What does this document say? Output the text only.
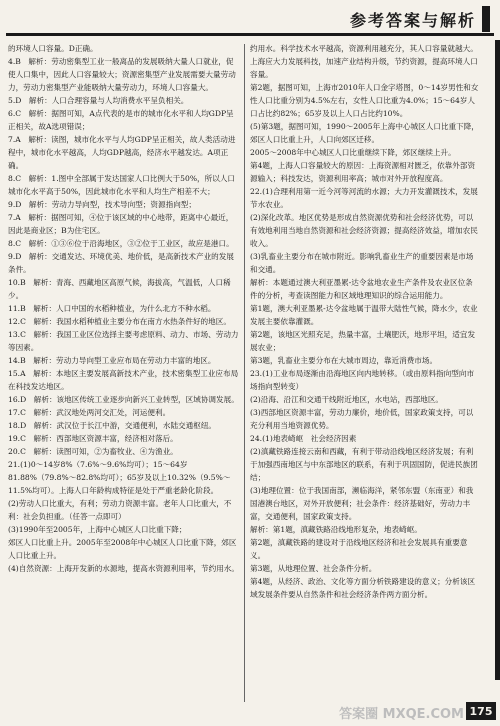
参考答案与解析

的环境人口容量。D正确。

4.B　解析：劳动密集型工业一般离品的发展吸纳大量人口就业，促使人口集中，因此人口容量较大；资源密集型产业发展需要大量劳动力，劳动力密集型产业能吸纳大量劳动力，环境人口容量大。

5.D　解析：人口合理容量与人均消费水平呈负相关。

6.C　解析：据图可知，A点代表的是市的城市化水平和人均GDP呈正相关，故A选项错误；

7.A　解析：读图，城市化水平与人均GDP呈正相关，故人类活动进程中，城市化水平越高，人均GDP越高，经济水平越发达。A项正确。

8.C　解析：1.图中全部属于发达国家人口比例大于50%，所以人口城市化水平高于50%，因此城市化水平和人均生产相差不大；

9.D　解析：劳动力导向型，技术导向型；资源指向型；

7.A　解析：据图可知，④位于该区域的中心地带，距离中心最近，因此是商业区；B为住宅区。

8.C　解析：①③⑥位于沿海地区，③②位于工业区，故应是港口。

9.D　解析：交通发达、环境优美、地价低，是高新技术产业的发展条件。

10.B　解析：青海、西藏地区高原气候，海拔高，气温低，人口稀少。

11.B　解析：人口中国的水稻种植业，为什么北方不种水稻。

12.C　解析：我国水稻种植业主要分布在南方水热条件好的地区。

13.C　解析：我国工业区位选择主要考虑原料、动力、市场、劳动力等因素。

14.B　解析：劳动力导向型工业应布局在劳动力丰富的地区。

15.A　解析：本地区主要发展高新技术产业，技术密集型工业应布局在科技发达地区。

16.D　解析：该地区传统工业逐步向新兴工业转型，区域协调发展。

17.C　解析：武汉地处两河交汇处，河运便利。

18.D　解析：武汉位于长江中游，交通便利，水陆交通枢纽。

19.C　解析：西部地区资源丰富，经济相对落后。

20.C　解析：读图可知，②为畜牧业、④为渔业。

21.(1)0～14岁8%（7.6%～9.6%均可）；15～64岁81.88%（79.8%～82.8%均可）；65岁及以上10.32%（9.5%～11.5%均可）。上海人口年龄构成特征是处于严重老龄化阶段。

(2)劳动人口比重大，有利；劳动力资源丰富。老年人口比重大，不利：社会负担重。（任答一点即可）

(3)1990年至2005年，上海中心城区人口比重下降；

郊区人口比重上升。2005年至2008年中心城区人口比重下降，郊区人口比重上升。

(4)自然资源：上海开发新的水源地，提高水资源利用率，节约用水。

约用水。科学技术水平越高，资源利用越充分，其人口容量就越大。上海应大力发展科技，加速产业结构升级，节约资源，提高环境人口容量。

第2题，据图可知，上海市2010年人口金字塔图，0～14岁男性和女性人口比重分别为4.5%左右，女性人口比重为4.0%；15～64岁人口占比约82%；65岁及以上人口占比约10%。

(5)第3题，据图可知，1990～2005年上海中心城区人口比重下降，郊区人口比重上升，人口向郊区迁移。

2005～2008年中心城区人口比重继续下降，郊区继续上升。

第4题，上海人口容量较大的原因：上海资源相对匮乏，依靠外部资源输入；科技发达，资源利用率高；城市对外开放程度高。

22.(1)合理利用第一近今河等河流的水源；大力开发灌溉技术，发展节水农业。

(2)深化改革。地区优势是形成自然资源优势和社会经济优势，可以有效地利用当地自然资源和社会经济资源；提高经济效益，增加农民收入。

(3)乳畜业主要分布在城市附近。影响乳畜业生产的重要因素是市场和交通。

解析：本题通过澳大利亚墨累-达令盆地农业生产条件及农业区位条件的分析，考查读图能力和区域地理知识的综合运用能力。

第1题，澳大利亚墨累-达令盆地属于温带大陆性气候，降水少，农业发展主要依靠灌溉。

第2题，该地区光照充足，热量丰富，土壤肥沃，地形平坦，适宜发展农业；

第3题，乳畜业主要分布在大城市周边，靠近消费市场。

23.(1)工业布局逐渐由沿海地区向内地转移。（或由原料指向型向市场指向型转变）

(2)沿海、沿江和交通干线附近地区，水电站，西部地区。

(3)西部地区资源丰富，劳动力廉价，地价低，国家政策支持，可以充分利用当地资源优势。

24.(1)地表崎岖　社会经济因素

(2)滇藏铁路连接云南和西藏，有利于带动沿线地区经济发展；有利于加强西南地区与中东部地区的联系，有利于巩固国防，促进民族团结；

(3)地理位置：位于我国南部，濒临海洋，紧邻东盟（东南亚）和我国港澳台地区，对外开放便利；社会条件：经济基础好，劳动力丰富，交通便利，国家政策支持。

解析：第1题，滇藏铁路沿线地形复杂，地表崎岖。

第2题，滇藏铁路的建设对于沿线地区经济和社会发展具有重要意义。

第3题，从地理位置、社会条件分析。

第4题，从经济、政治、文化等方面分析铁路建设的意义；分析该区域发展条件要从自然条件和社会经济条件两方面分析。

答案圈 MXQE.COM 175
